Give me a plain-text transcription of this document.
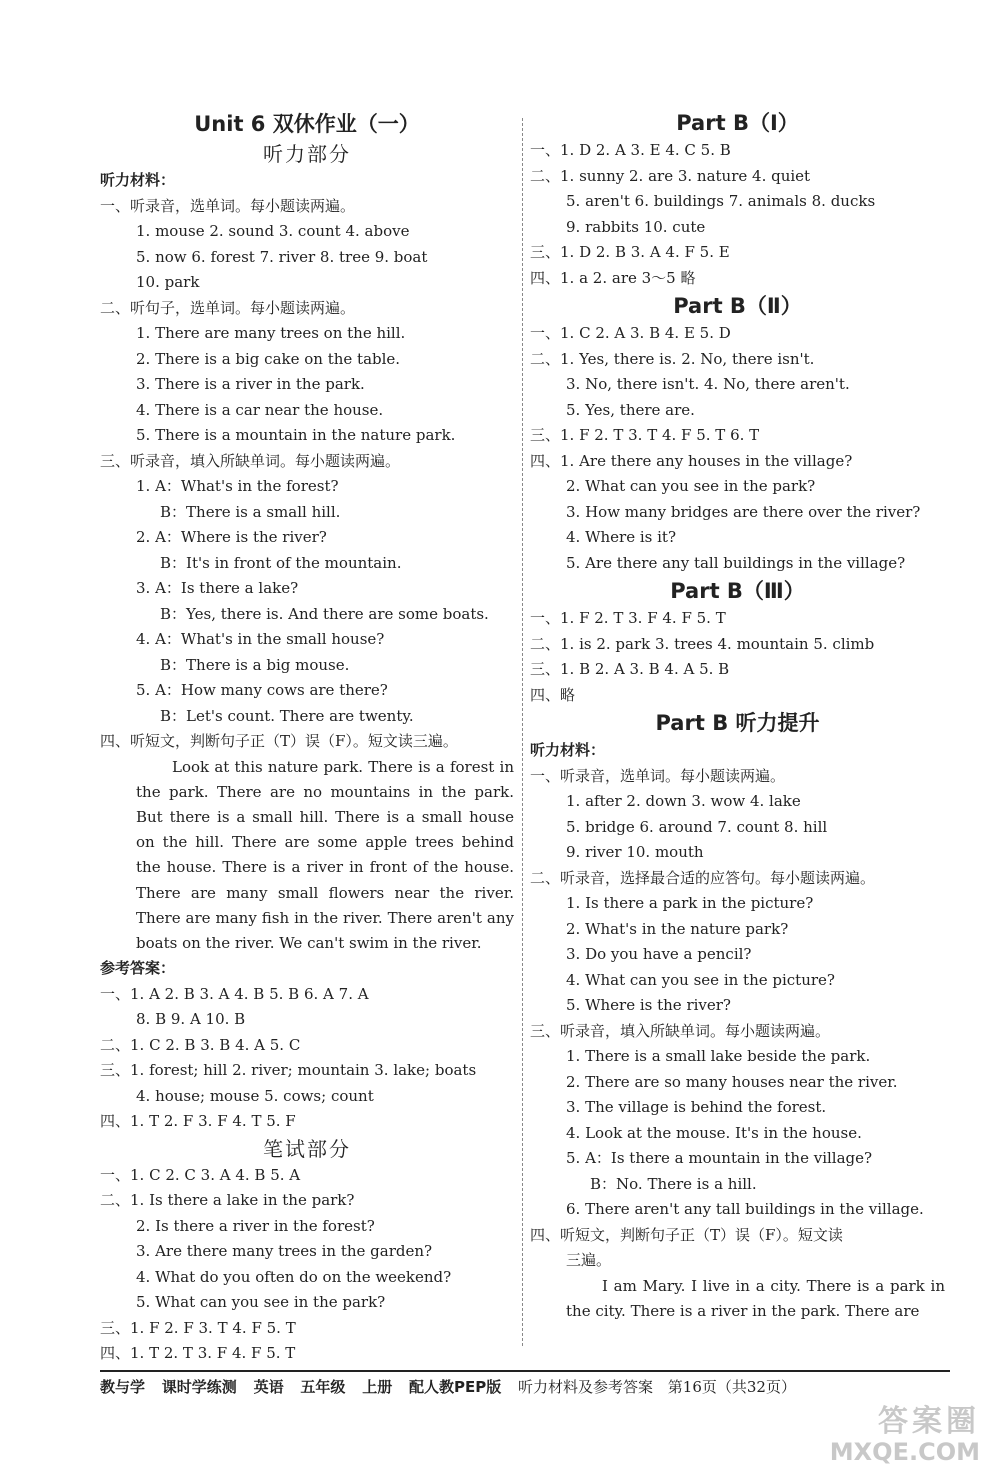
Unit 6 双休作业（一）
听力部分
听力材料：
一、听录音，选单词。每小题读两遍。
1. mouse 2. sound 3. count 4. above
5. now 6. forest 7. river 8. tree 9. boat
10. park
二、听句子，选单词。每小题读两遍。
1. There are many trees on the hill.
2. There is a big cake on the table.
3. There is a river in the park.
4. There is a car near the house.
5. There is a mountain in the nature park.
三、听录音，填入所缺单词。每小题读两遍。
1. A：What's in the forest?
B：There is a small hill.
2. A：Where is the river?
B：It's in front of the mountain.
3. A：Is there a lake?
B：Yes, there is. And there are some boats.
4. A：What's in the small house?
B：There is a big mouse.
5. A：How many cows are there?
B：Let's count. There are twenty.
四、听短文，判断句子正（T）误（F）。短文读三遍。
Look at this nature park. There is a forest in the park. There are no mountains in the park. But there is a small hill. There is a small house on the hill. There are some apple trees behind the house. There is a river in front of the house. There are many small flowers near the river. There are many fish in the river. There aren't any boats on the river. We can't swim in the river.
参考答案：
一、1. A 2. B 3. A 4. B 5. B 6. A 7. A
8. B 9. A 10. B
二、1. C 2. B 3. B 4. A 5. C
三、1. forest; hill 2. river; mountain 3. lake; boats
4. house; mouse 5. cows; count
四、1. T 2. F 3. F 4. T 5. F
笔试部分
一、1. C 2. C 3. A 4. B 5. A
二、1. Is there a lake in the park?
2. Is there a river in the forest?
3. Are there many trees in the garden?
4. What do you often do on the weekend?
5. What can you see in the park?
三、1. F 2. F 3. T 4. F 5. T
四、1. T 2. T 3. F 4. F 5. T
Part B（Ⅰ）
一、1. D 2. A 3. E 4. C 5. B
二、1. sunny 2. are 3. nature 4. quiet
5. aren't 6. buildings 7. animals 8. ducks
9. rabbits 10. cute
三、1. D 2. B 3. A 4. F 5. E
四、1. a 2. are 3～5 略
Part B（Ⅱ）
一、1. C 2. A 3. B 4. E 5. D
二、1. Yes, there is. 2. No, there isn't.
3. No, there isn't. 4. No, there aren't.
5. Yes, there are.
三、1. F 2. T 3. T 4. F 5. T 6. T
四、1. Are there any houses in the village?
2. What can you see in the park?
3. How many bridges are there over the river?
4. Where is it?
5. Are there any tall buildings in the village?
Part B（Ⅲ）
一、1. F 2. T 3. F 4. F 5. T
二、1. is 2. park 3. trees 4. mountain 5. climb
三、1. B 2. A 3. B 4. A 5. B
四、略
Part B 听力提升
听力材料：
一、听录音，选单词。每小题读两遍。
1. after 2. down 3. wow 4. lake
5. bridge 6. around 7. count 8. hill
9. river 10. mouth
二、听录音，选择最合适的应答句。每小题读两遍。
1. Is there a park in the picture?
2. What's in the nature park?
3. Do you have a pencil?
4. What can you see in the picture?
5. Where is the river?
三、听录音，填入所缺单词。每小题读两遍。
1. There is a small lake beside the park.
2. There are so many houses near the river.
3. The village is behind the forest.
4. Look at the mouse. It's in the house.
5. A：Is there a mountain in the village?
B：No. There is a hill.
6. There aren't any tall buildings in the village.
四、听短文，判断句子正（T）误（F）。短文读
三遍。
I am Mary. I live in a city. There is a park in the city. There is a river in the park. There are
教与学 课时学练测 英语 五年级 上册 配人教PEP版 听力材料及参考答案 第16页（共32页）
答案圈
MXQE.COM
